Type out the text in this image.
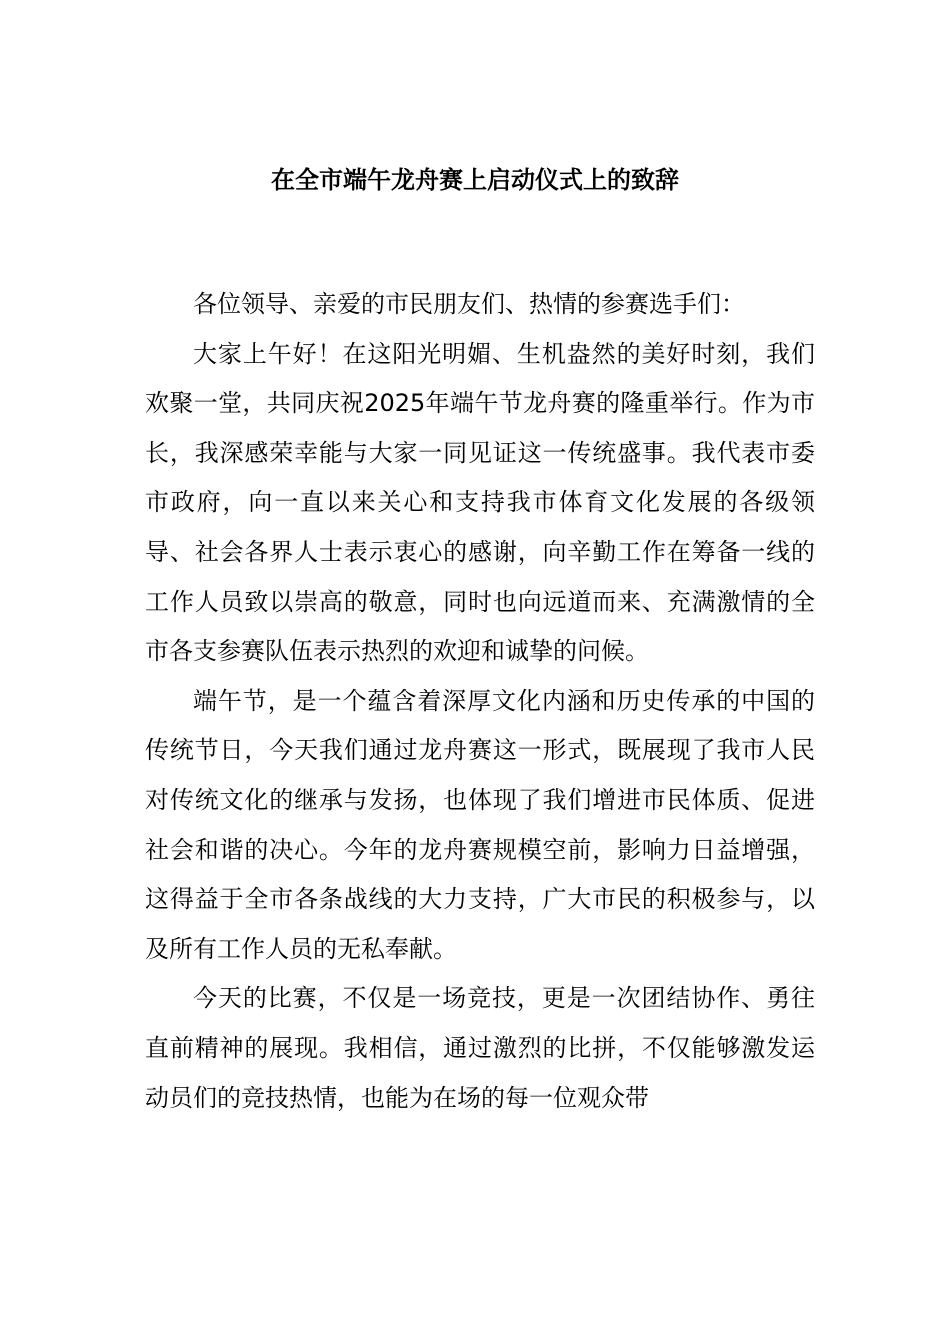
在全市端午龙舟赛上启动仪式上的致辞

各位领导、亲爱的市民朋友们、热情的参赛选手们：

大家上午好！在这阳光明媚、生机盎然的美好时刻，我们欢聚一堂，共同庆祝2025年端午节龙舟赛的隆重举行。作为市长，我深感荣幸能与大家一同见证这一传统盛事。我代表市委市政府，向一直以来关心和支持我市体育文化发展的各级领导、社会各界人士表示衷心的感谢，向辛勤工作在筹备一线的工作人员致以崇高的敬意，同时也向远道而来、充满激情的全市各支参赛队伍表示热烈的欢迎和诚挚的问候。

端午节，是一个蕴含着深厚文化内涵和历史传承的中国的传统节日，今天我们通过龙舟赛这一形式，既展现了我市人民对传统文化的继承与发扬，也体现了我们增进市民体质、促进社会和谐的决心。今年的龙舟赛规模空前，影响力日益增强，这得益于全市各条战线的大力支持，广大市民的积极参与，以及所有工作人员的无私奉献。

今天的比赛，不仅是一场竞技，更是一次团结协作、勇往直前精神的展现。我相信，通过激烈的比拼，不仅能够激发运动员们的竞技热情，也能为在场的每一位观众带
